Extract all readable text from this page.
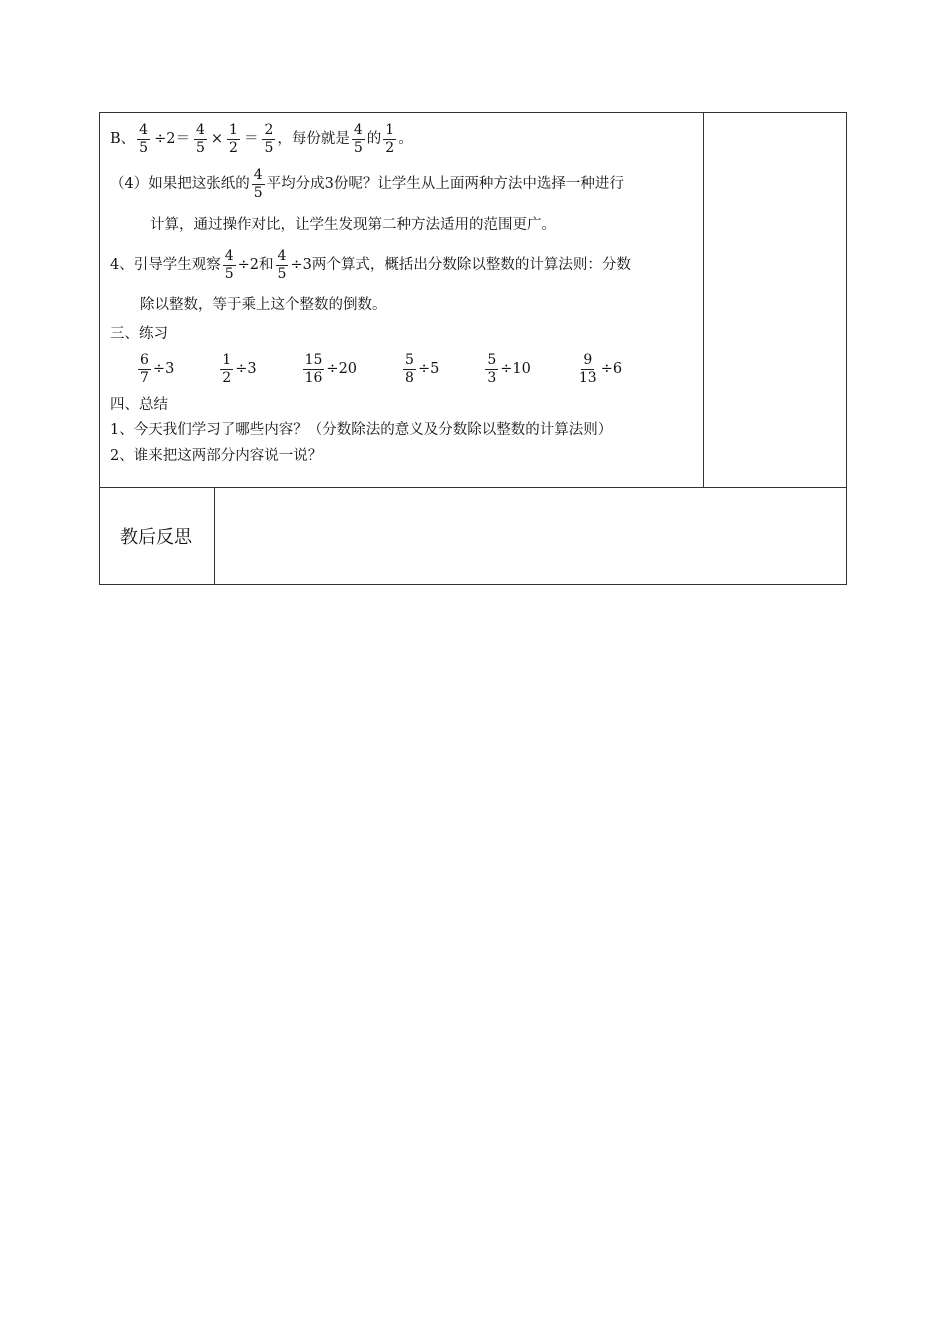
B、 $\frac{4}{5} \div 2= \frac{4}{5} \times \frac{1}{2} = \frac{2}{5}$ ，每份就是 $\frac{4}{5}$ 的 $\frac{1}{2}$ 。
（4）如果把这张纸的 $\frac{4}{5}$ 平均分成3份呢？让学生从上面两种方法中选择一种进行
计算，通过操作对比，让学生发现第二种方法适用的范围更广。
4、引导学生观察 $\frac{4}{5} \div 2$和 $\frac{4}{5} \div 3$两个算式，概括出分数除以整数的计算法则：分数
除以整数，等于乘上这个整数的倒数。
三、练习
$\frac{6}{7} \div 3$	$\frac{1}{2} \div 3$	$\frac{15}{16} \div 20$	$\frac{5}{8} \div 5$	$\frac{5}{3} \div 10$	$\frac{9}{13} \div 6$
四、总结
1、今天我们学习了哪些内容？（分数除法的意义及分数除以整数的计算法则）
2、谁来把这两部分内容说一说？

教后反思
